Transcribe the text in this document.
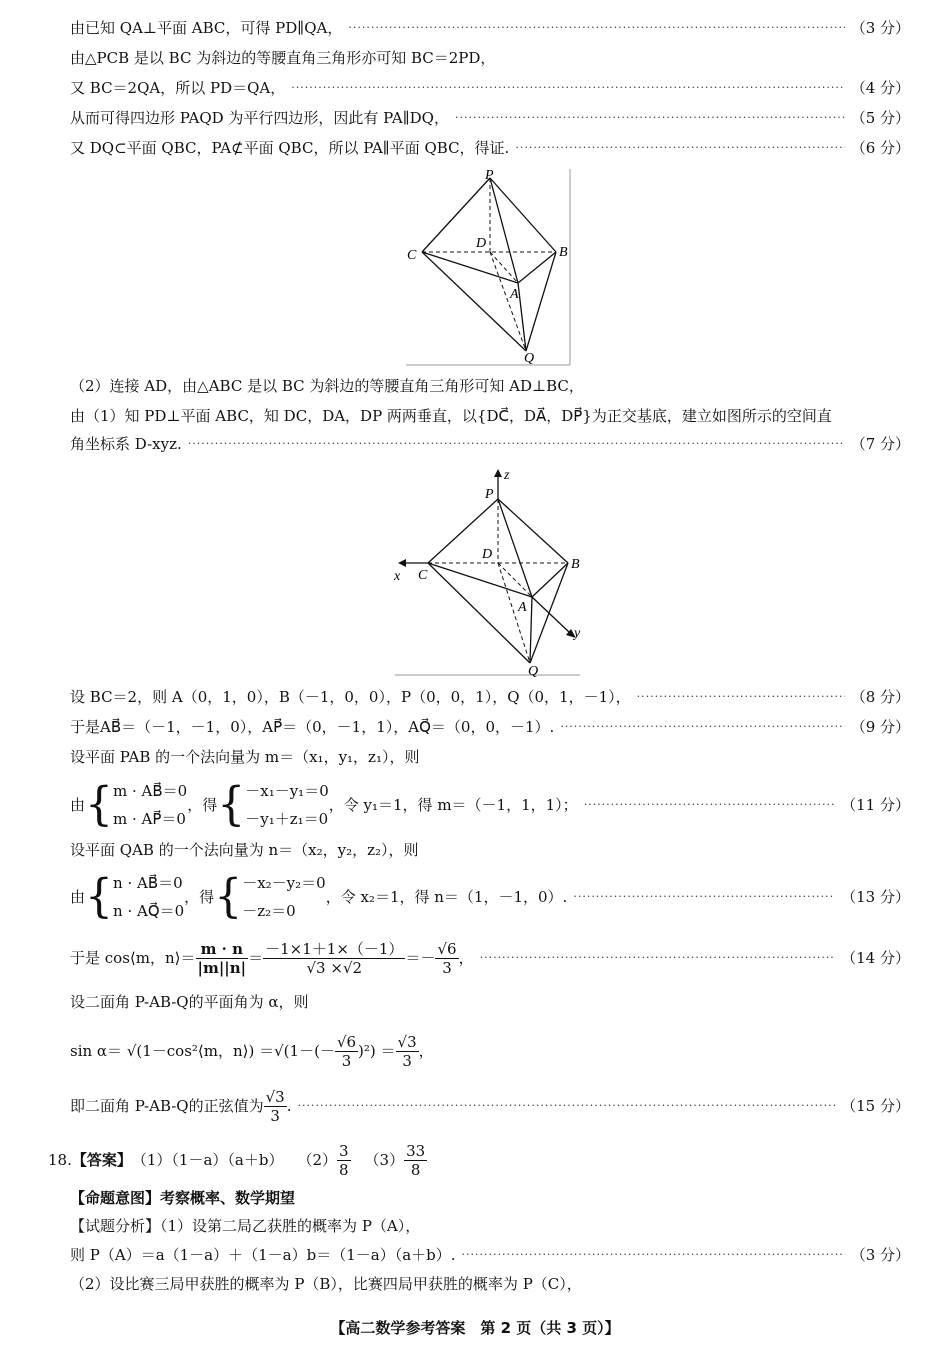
由已知 QA⊥平面 ABC，可得 PD∥QA， ·····	（3 分）
由△PCB 是以 BC 为斜边的等腰直角三角形亦可知 BC＝2PD，
又 BC＝2QA，所以 PD＝QA， ·····	（4 分）
从而可得四边形 PAQD 为平行四边形，因此有 PA∥DQ， ·····	（5 分）
又 DQ⊂平面 QBC，PA⊄平面 QBC，所以 PA∥平面 QBC，得证. ·····	（6 分）
P
C
D
B
A
Q
（2）连接 AD，由△ABC 是以 BC 为斜边的等腰直角三角形可知 AD⊥BC，
由（1）知 PD⊥平面 ABC，知 DC，DA，DP 两两垂直，以{DC⃗，DA⃗，DP⃗}为正交基底，建立如图所示的空间直
角坐标系 D-xyz. ·····	（7 分）
z
P
D
x C
B
A
y
Q
设 BC＝2，则 A（0，1，0），B（－1，0，0），P（0，0，1），Q（0，1，－1）， ·····	（8 分）
于是AB⃗＝（－1，－1，0），AP⃗＝（0，－1，1），AQ⃗＝（0，0，－1）. ·····	（9 分）
设平面 PAB 的一个法向量为 m＝（x₁，y₁，z₁），则
由 { m · AB⃗＝0
m · AP⃗＝0
，得 { －x₁－y₁＝0
－y₁＋z₁＝0
，令 y₁＝1，得 m＝（－1，1，1）； ·····	（11 分）
设平面 QAB 的一个法向量为 n＝（x₂，y₂，z₂），则
由 { n · AB⃗＝0
n · AQ⃗＝0
，得 { －x₂－y₂＝0
－z₂＝0
，令 x₂＝1，得 n＝（1，－1，0）. ·····	（13 分）
于是 cos⟨m，n⟩＝ $\frac{m \cdot n}{|m||n|} = \frac{-1\times 1+1\times(-1)}{√3 \times√2} =- \frac{√6}{3}$ ， ·····	（14 分）
设二面角 P-AB-Q的平面角为 α，则
sin α＝ √(1－cos²⟨m，n⟩) $=√(1-(- \frac{√6}{3} )^2) = \frac{√3}{3}$ ，
即二面角 P-AB-Q的正弦值为 $\frac{√3}{3}$ . ·····	（15 分）
18. 【答案】 （1）（1－a）（a＋b） $(2) \frac{3}{8} (3) \frac{33}{8}$
【命题意图】考察概率、数学期望
【试题分析】（1）设第二局乙获胜的概率为 P（A），
则 P（A）＝a（1－a）＋（1－a）b＝（1－a）（a＋b）. ·····	（3 分）
（2）设比赛三局甲获胜的概率为 P（B），比赛四局甲获胜的概率为 P（C），
【高二数学参考答案　第 2 页（共 3 页）】
